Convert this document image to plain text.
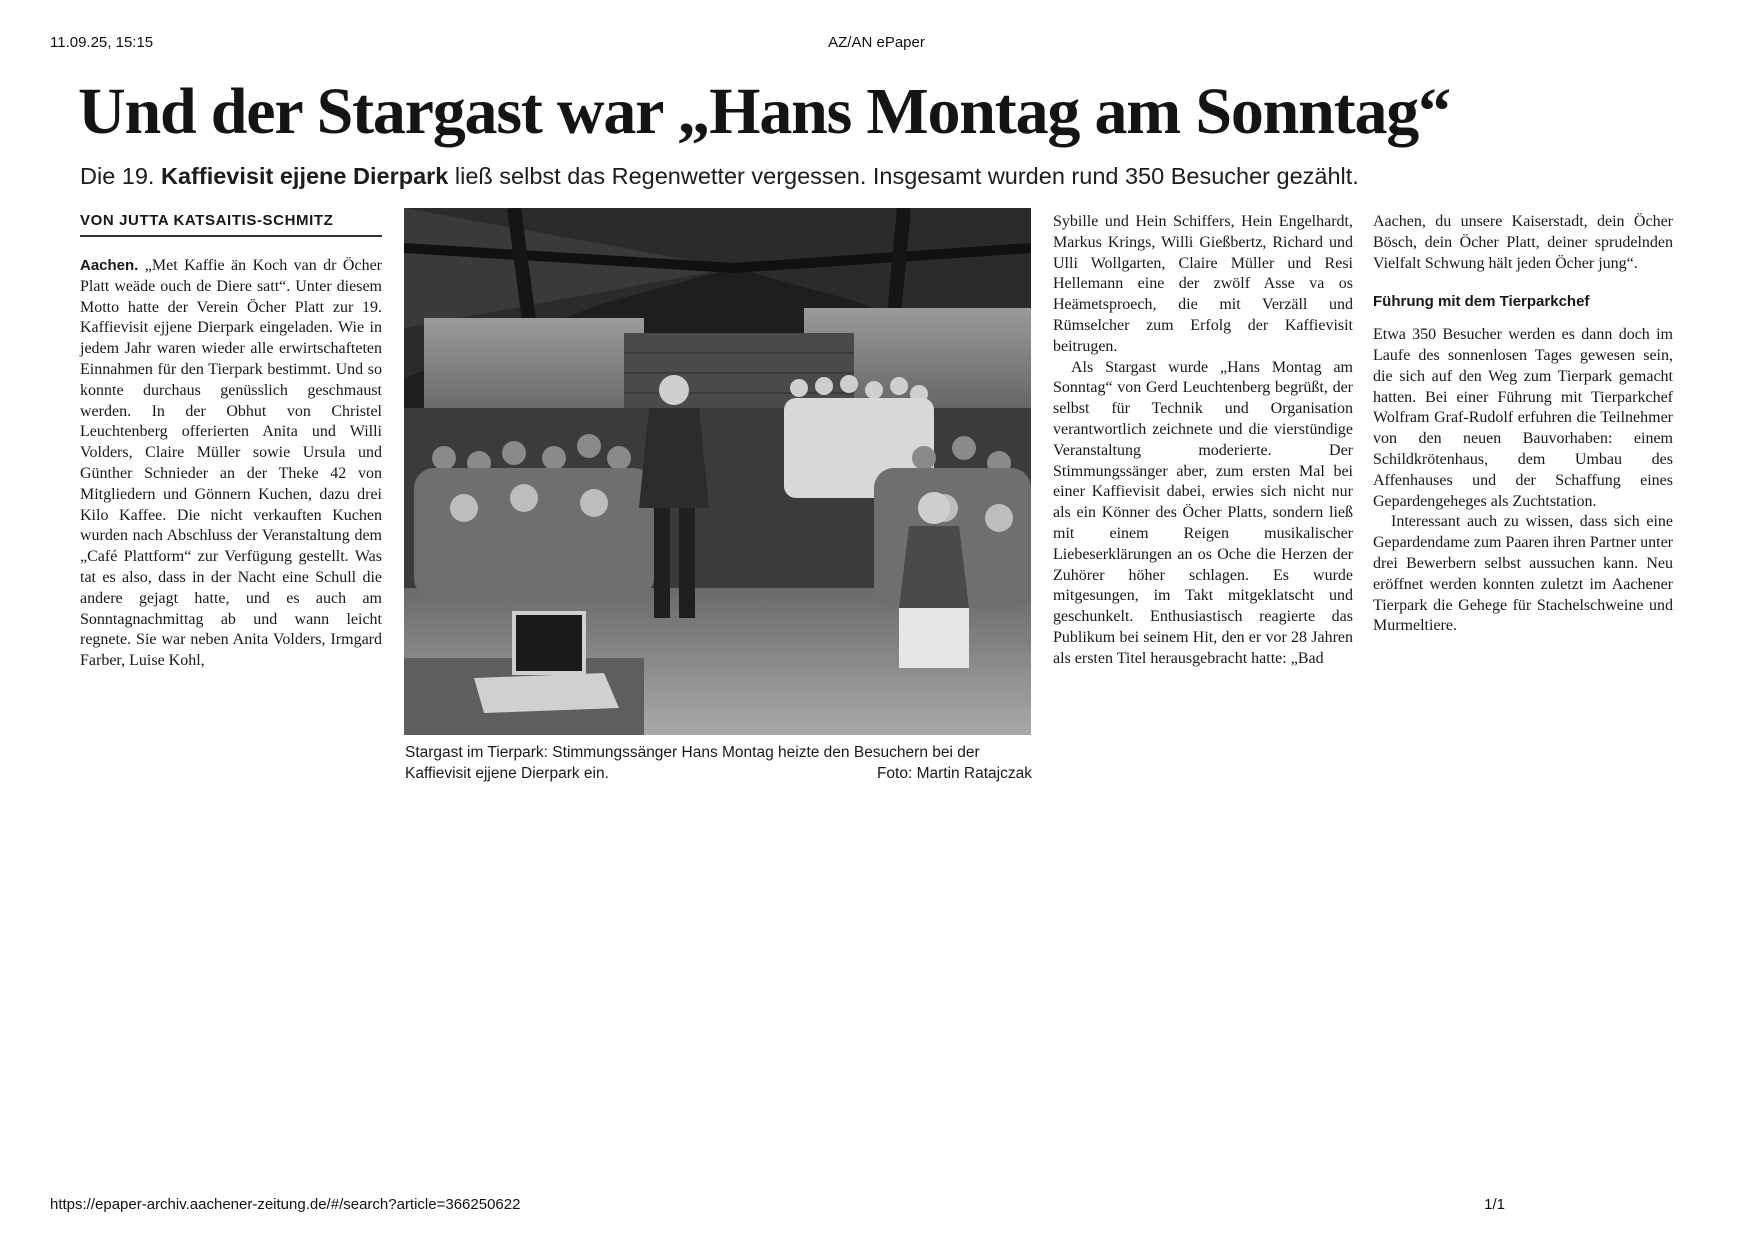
11.09.25, 15:15	AZ/AN ePaper
Und der Stargast war „Hans Montag am Sonntag“
Die 19. Kaffievisit ejjene Dierpark ließ selbst das Regenwetter vergessen. Insgesamt wurden rund 350 Besucher gezählt.
VON JUTTA KATSAITIS-SCHMITZ

Aachen. „Met Kaffie än Koch van dr Öcher Platt weäde ouch de Diere satt“. Unter diesem Motto hatte der Verein Öcher Platt zur 19. Kaffievisit ejjene Dierpark eingeladen. Wie in jedem Jahr waren wieder alle erwirtschafteten Einnahmen für den Tierpark bestimmt. Und so konnte durchaus genüsslich geschmaust werden. In der Obhut von Christel Leuchtenberg offerierten Anita und Willi Volders, Claire Müller sowie Ursula und Günther Schnieder an der Theke 42 von Mitgliedern und Gönnern Kuchen, dazu drei Kilo Kaffee. Die nicht verkauften Kuchen wurden nach Abschluss der Veranstaltung dem „Café Plattform“ zur Verfügung gestellt. Was tat es also, dass in der Nacht eine Schull die andere gejagt hatte, und es auch am Sonntagnachmittag ab und wann leicht regnete. Sie war neben Anita Volders, Irmgard Farber, Luise Kohl,

Stargast im Tierpark: Stimmungssänger Hans Montag heizte den Besuchern bei der Kaffievisit ejjene Dierpark ein.	Foto: Martin Ratajczak

Sybille und Hein Schiffers, Hein Engelhardt, Markus Krings, Willi Gießbertz, Richard und Ulli Wollgarten, Claire Müller und Resi Hellemann eine der zwölf Asse va os Heämetsproech, die mit Verzäll und Rümselcher zum Erfolg der Kaffievisit beitrugen.

Als Stargast wurde „Hans Montag am Sonntag“ von Gerd Leuchtenberg begrüßt, der selbst für Technik und Organisation verantwortlich zeichnete und die vierstündige Veranstaltung moderierte. Der Stimmungssänger aber, zum ersten Mal bei einer Kaffievisit dabei, erwies sich nicht nur als ein Könner des Öcher Platts, sondern ließ mit einem Reigen musikalischer Liebeserklärungen an os Oche die Herzen der Zuhörer höher schlagen. Es wurde mitgesungen, im Takt mitgeklatscht und geschunkelt. Enthusiastisch reagierte das Publikum bei seinem Hit, den er vor 28 Jahren als ersten Titel herausgebracht hatte: „Bad

Aachen, du unsere Kaiserstadt, dein Öcher Bösch, dein Öcher Platt, deiner sprudelnden Vielfalt Schwung hält jeden Öcher jung“.

Führung mit dem Tierparkchef

Etwa 350 Besucher werden es dann doch im Laufe des sonnenlosen Tages gewesen sein, die sich auf den Weg zum Tierpark gemacht hatten. Bei einer Führung mit Tierparkchef Wolfram Graf-Rudolf erfuhren die Teilnehmer von den neuen Bauvorhaben: einem Schildkrötenhaus, dem Umbau des Affenhauses und der Schaffung eines Gepardengeheges als Zuchtstation.

Interessant auch zu wissen, dass sich eine Gepardendame zum Paaren ihren Partner unter drei Bewerbern selbst aussuchen kann. Neu eröffnet werden konnten zuletzt im Aachener Tierpark die Gehege für Stachelschweine und Murmeltiere.

https://epaper-archiv.aachener-zeitung.de/#/search?article=366250622	1/1
